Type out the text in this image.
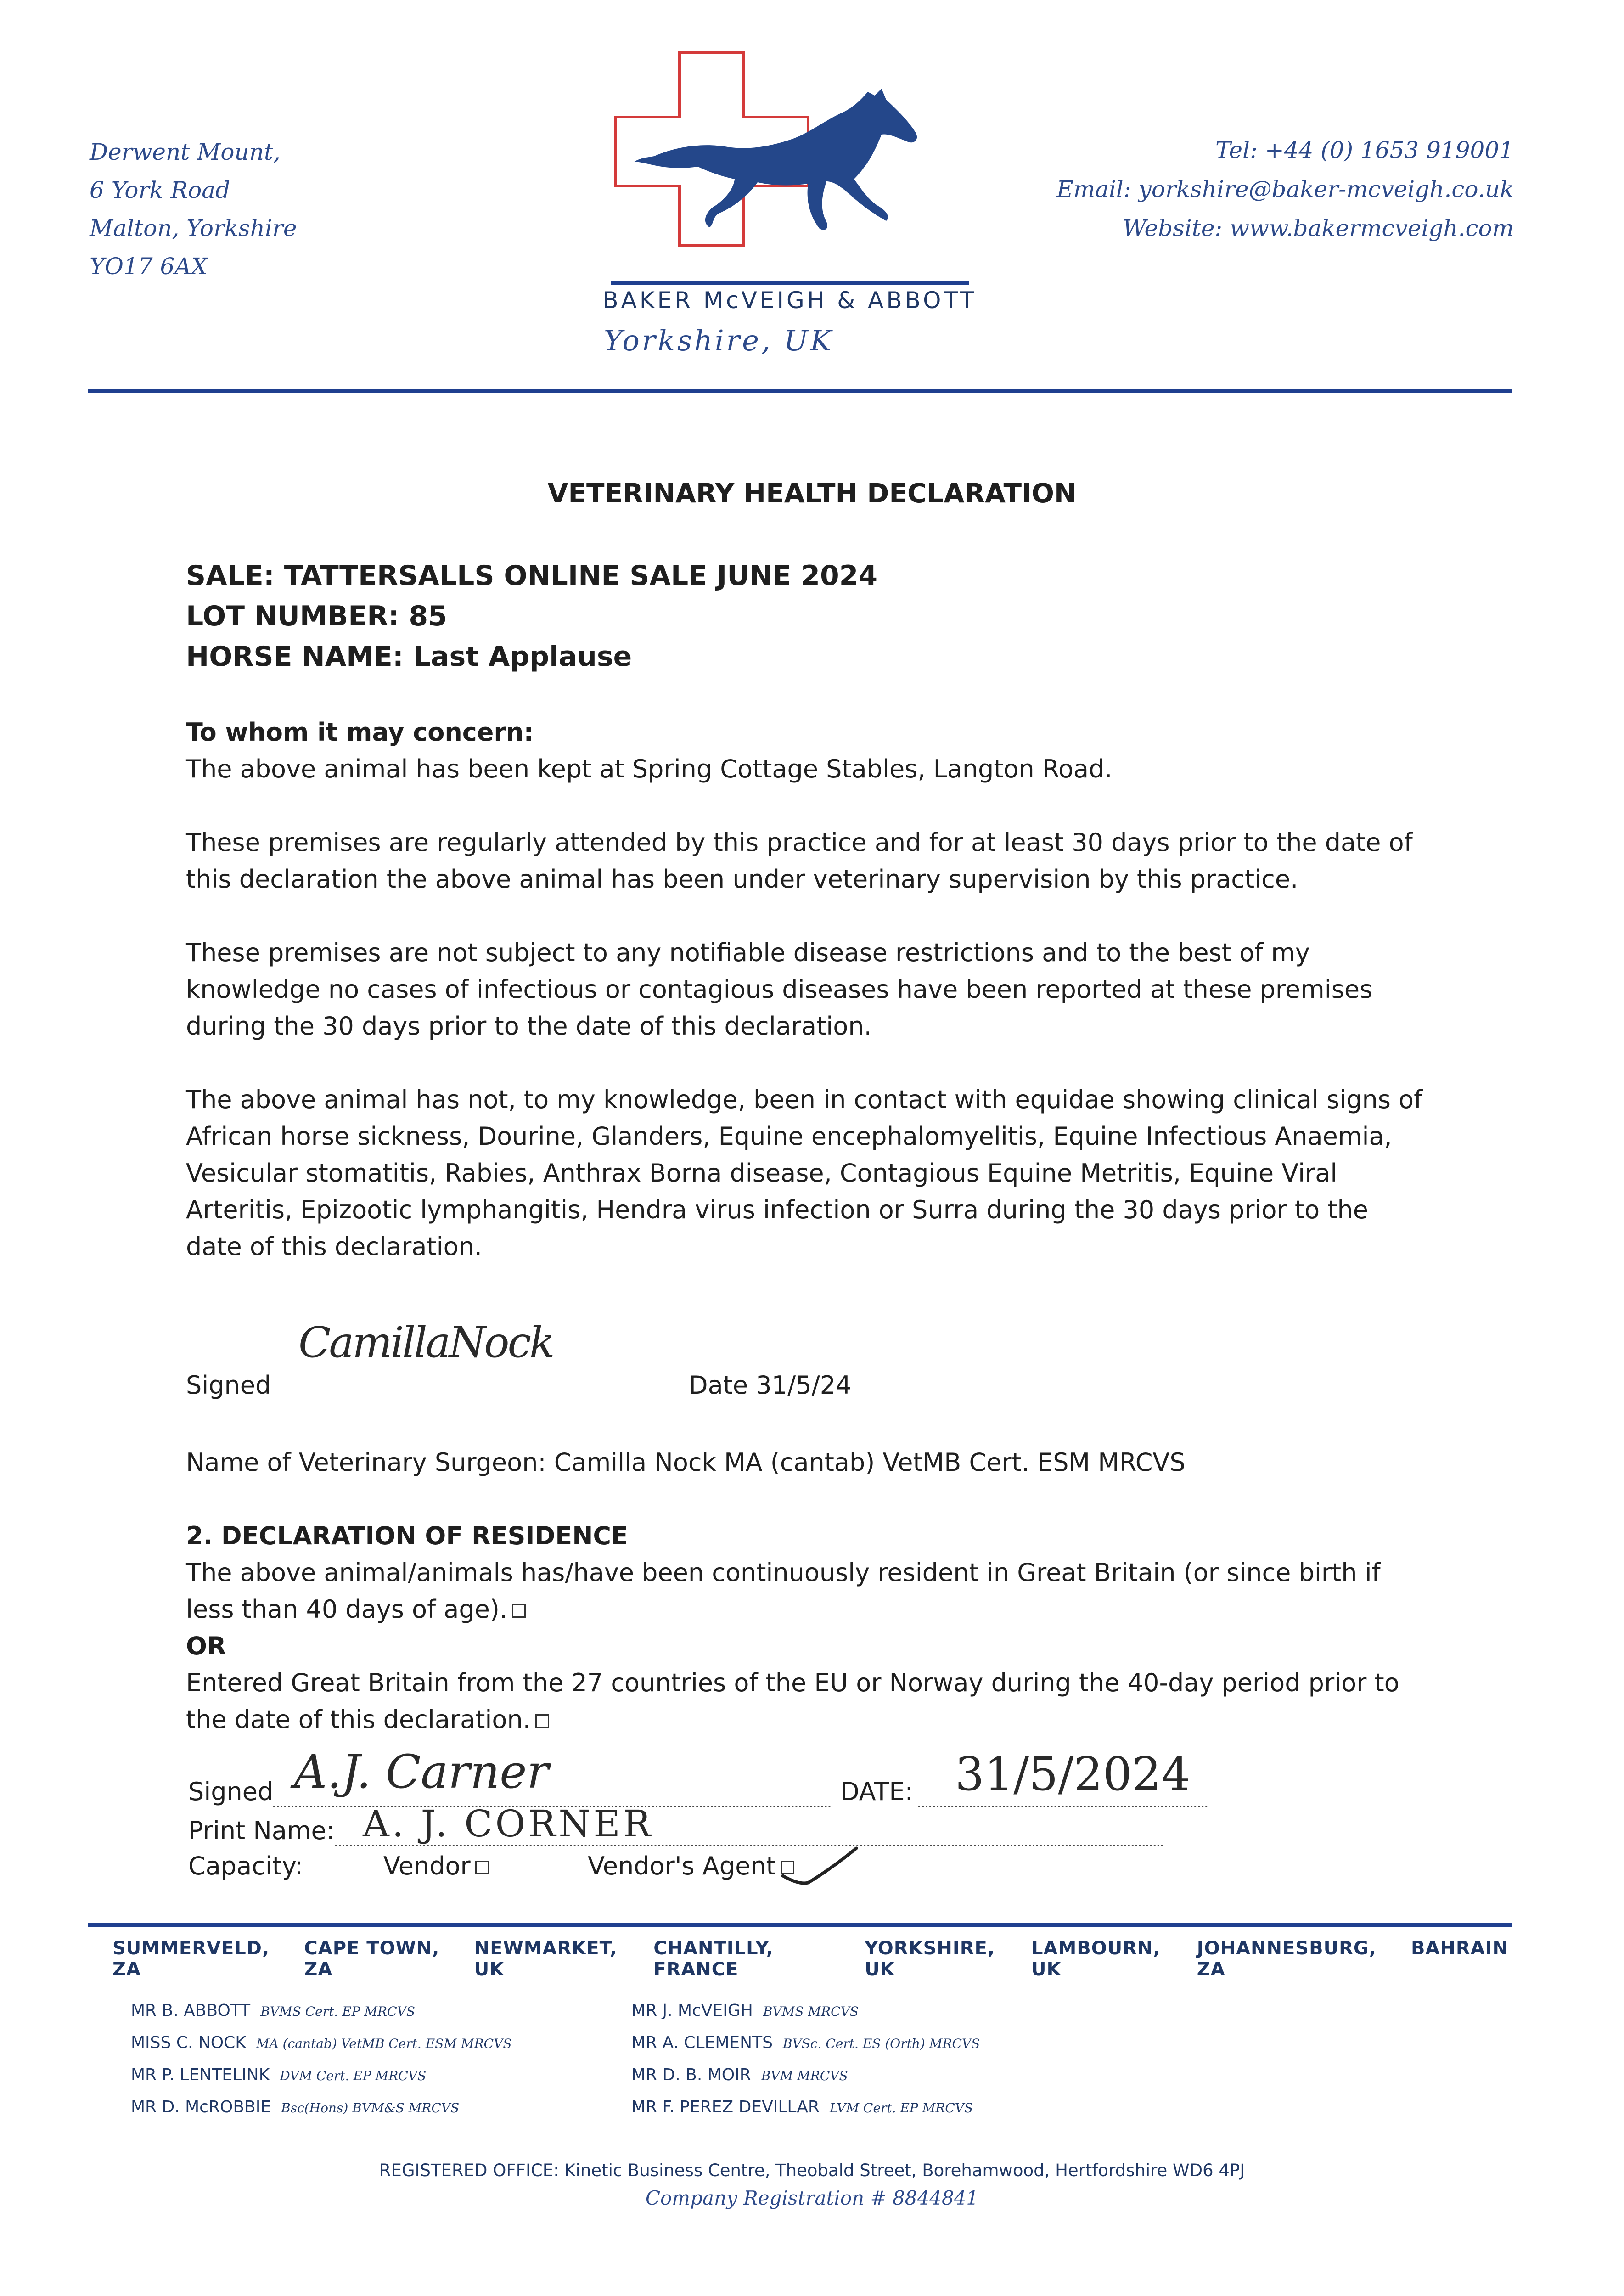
Derwent Mount,
6 York Road
Malton, Yorkshire
YO17 6AX
Tel: +44 (0) 1653 919001
Email: yorkshire@baker-mcveigh.co.uk
Website: www.bakermcveigh.com
BAKER McVEIGH & ABBOTT
Yorkshire, UK
VETERINARY HEALTH DECLARATION
SALE: TATTERSALLS ONLINE SALE JUNE 2024
LOT NUMBER: 85
HORSE NAME: Last Applause

To whom it may concern:

The above animal has been kept at Spring Cottage Stables, Langton Road.

These premises are regularly attended by this practice and for at least 30 days prior to the date of this declaration the above animal has been under veterinary supervision by this practice.

These premises are not subject to any notifiable disease restrictions and to the best of my knowledge no cases of infectious or contagious diseases have been reported at these premises during the 30 days prior to the date of this declaration.

The above animal has not, to my knowledge, been in contact with equidae showing clinical signs of African horse sickness, Dourine, Glanders, Equine encephalomyelitis, Equine Infectious Anaemia, Vesicular stomatitis, Rabies, Anthrax Borna disease, Contagious Equine Metritis, Equine Viral Arteritis, Epizootic lymphangitis, Hendra virus infection or Surra during the 30 days prior to the date of this declaration.

Signed
CamillaNock
Date 31/5/24
Name of Veterinary Surgeon: Camilla Nock MA (cantab) VetMB Cert. ESM MRCVS

2. DECLARATION OF RESIDENCE

The above animal/animals has/have been continuously resident in Great Britain (or since birth if less than 40 days of age).

OR

Entered Great Britain from the 27 countries of the EU or Norway during the 40-day period prior to the date of this declaration.

Signed A.J. Carner	DATE: 31/5/2024
Print Name: A. J. CORNER
Capacity:	Vendor	Vendor's Agent
SUMMERVELD, ZA
CAPE TOWN, ZA
NEWMARKET, UK
CHANTILLY, FRANCE
YORKSHIRE, UK
LAMBOURN, UK
JOHANNESBURG, ZA
BAHRAIN
MR B. ABBOTT BVMS Cert. EP MRCVS
MISS C. NOCK MA (cantab) VetMB Cert. ESM MRCVS
MR P. LENTELINK DVM Cert. EP MRCVS
MR D. McROBBIE Bsc(Hons) BVM&S MRCVS
MR J. McVEIGH BVMS MRCVS
MR A. CLEMENTS BVSc. Cert. ES (Orth) MRCVS
MR D. B. MOIR BVM MRCVS
MR F. PEREZ DEVILLAR LVM Cert. EP MRCVS
REGISTERED OFFICE: Kinetic Business Centre, Theobald Street, Borehamwood, Hertfordshire WD6 4PJ
Company Registration # 8844841
